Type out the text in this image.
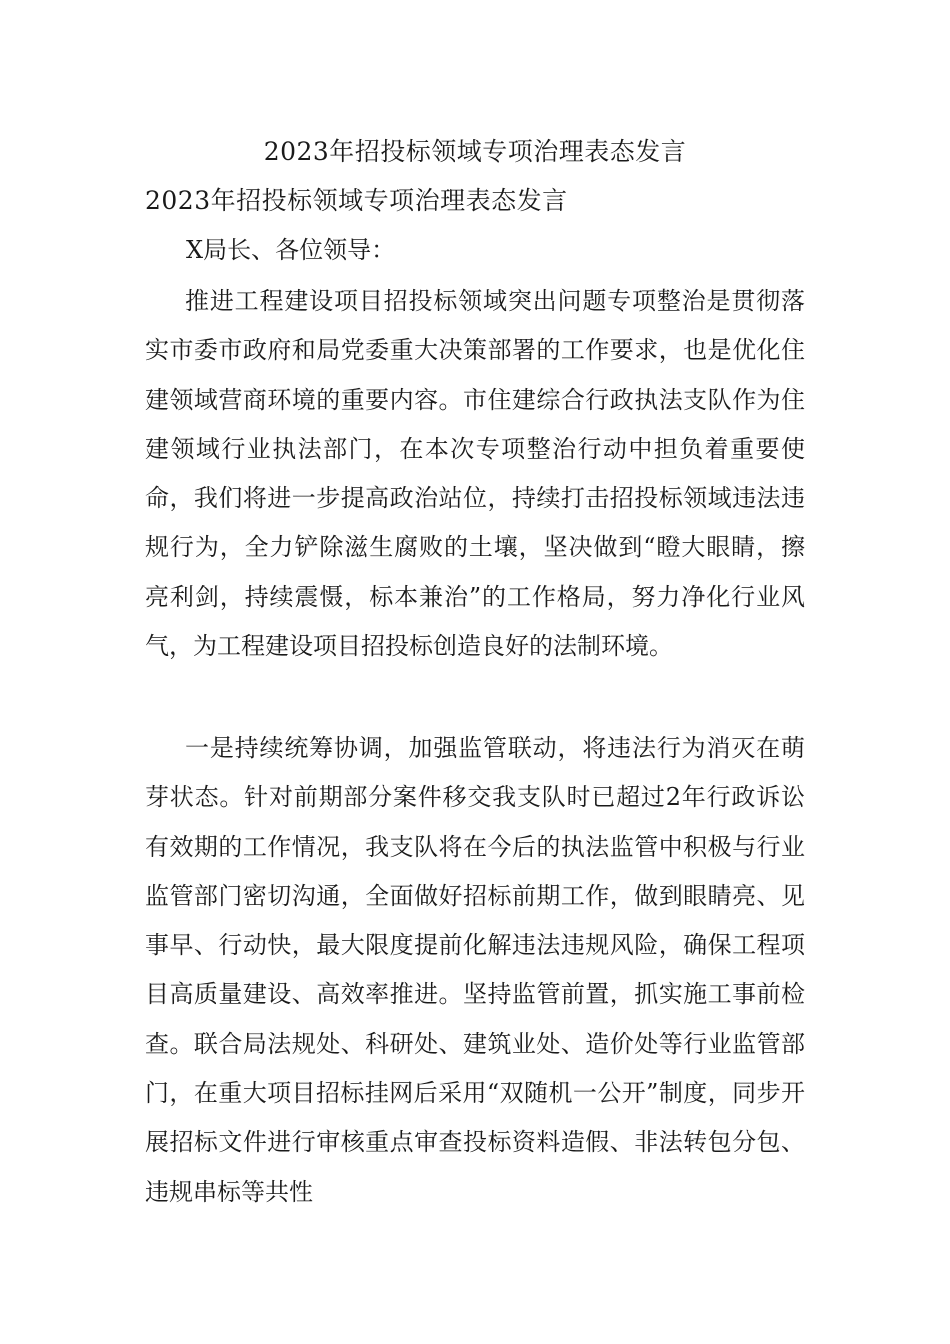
2023年招投标领域专项治理表态发言
2023年招投标领域专项治理表态发言
X局长、各位领导：

推进工程建设项目招投标领域突出问题专项整治是贯彻落实市委市政府和局党委重大决策部署的工作要求，也是优化住建领域营商环境的重要内容。市住建综合行政执法支队作为住建领域行业执法部门，在本次专项整治行动中担负着重要使命，我们将进一步提高政治站位，持续打击招投标领域违法违规行为，全力铲除滋生腐败的土壤，坚决做到“瞪大眼睛，擦亮利剑，持续震慑，标本兼治”的工作格局，努力净化行业风气，为工程建设项目招投标创造良好的法制环境。

一是持续统筹协调，加强监管联动，将违法行为消灭在萌芽状态。针对前期部分案件移交我支队时已超过2年行政诉讼有效期的工作情况，我支队将在今后的执法监管中积极与行业监管部门密切沟通，全面做好招标前期工作，做到眼睛亮、见事早、行动快，最大限度提前化解违法违规风险，确保工程项目高质量建设、高效率推进。坚持监管前置，抓实施工事前检查。联合局法规处、科研处、建筑业处、造价处等行业监管部门，在重大项目招标挂网后采用“双随机一公开”制度，同步开展招标文件进行审核重点审查投标资料造假、非法转包分包、违规串标等共性
